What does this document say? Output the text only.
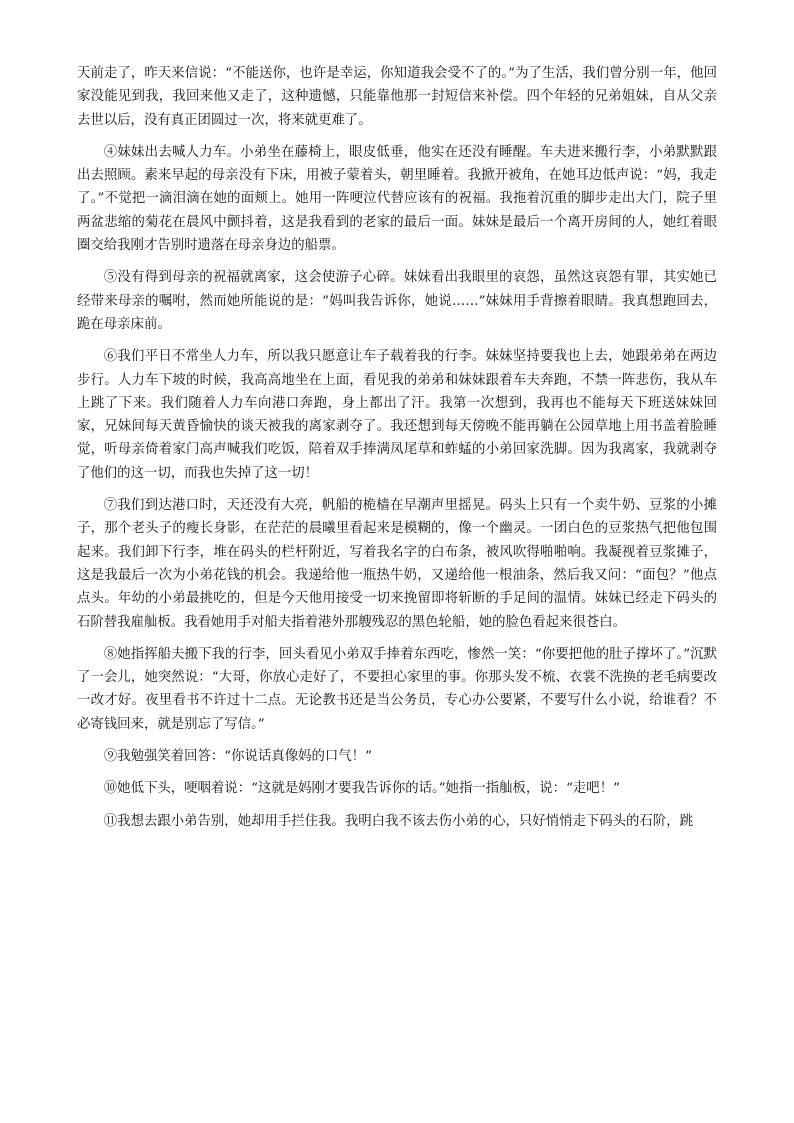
天前走了，昨天来信说：“不能送你，也许是幸运，你知道我会受不了的。”为了生活，我们曾分别一年，他回家没能见到我，我回来他又走了，这种遗憾，只能靠他那一封短信来补偿。四个年轻的兄弟姐妹，自从父亲去世以后，没有真正团圆过一次，将来就更难了。

④妹妹出去喊人力车。小弟坐在藤椅上，眼皮低垂，他实在还没有睡醒。车夫进来搬行李，小弟默默跟出去照顾。素来早起的母亲没有下床，用被子蒙着头，朝里睡着。我掀开被角，在她耳边低声说：“妈，我走了。”不觉把一滴泪滴在她的面颊上。她用一阵哽泣代替应该有的祝福。我拖着沉重的脚步走出大门，院子里两盆悲缩的菊花在晨风中颤抖着，这是我看到的老家的最后一面。妹妹是最后一个离开房间的人，她红着眼圈交给我刚才告别时遗落在母亲身边的船票。

⑤没有得到母亲的祝福就离家，这会使游子心碎。妹妹看出我眼里的哀怨，虽然这哀怨有罪，其实她已经带来母亲的嘱咐，然而她所能说的是：“妈叫我告诉你，她说……”妹妹用手背擦着眼睛。我真想跑回去，跪在母亲床前。

⑥我们平日不常坐人力车，所以我只愿意让车子载着我的行李。妹妹坚持要我也上去，她跟弟弟在两边步行。人力车下坡的时候，我高高地坐在上面，看见我的弟弟和妹妹跟着车夫奔跑，不禁一阵悲伤，我从车上跳了下来。我们随着人力车向港口奔跑，身上都出了汗。我第一次想到，我再也不能每天下班送妹妹回家，兄妹间每天黄昏愉快的谈天被我的离家剥夺了。我还想到每天傍晚不能再躺在公园草地上用书盖着脸睡觉，听母亲倚着家门高声喊我们吃饭，陪着双手捧满凤尾草和蚱蜢的小弟回家洗脚。因为我离家，我就剥夺了他们的这一切，而我也失掉了这一切！

⑦我们到达港口时，天还没有大亮，帆船的桅樯在早潮声里摇晃。码头上只有一个卖牛奶、豆浆的小摊子，那个老头子的瘦长身影，在茫茫的晨曦里看起来是模糊的，像一个幽灵。一团白色的豆浆热气把他包围起来。我们卸下行李，堆在码头的栏杆附近，写着我名字的白布条，被风吹得啪啪响。我凝视着豆浆摊子，这是我最后一次为小弟花钱的机会。我递给他一瓶热牛奶，又递给他一根油条，然后我又问：“面包？”他点点头。年幼的小弟最挑吃的，但是今天他用接受一切来挽留即将斩断的手足间的温情。妹妹已经走下码头的石阶替我雇舢板。我看她用手对船夫指着港外那艘残忍的黑色轮船，她的脸色看起来很苍白。

⑧她指挥船夫搬下我的行李，回头看见小弟双手捧着东西吃，惨然一笑：“你要把他的肚子撑坏了。”沉默了一会儿，她突然说：“大哥，你放心走好了，不要担心家里的事。你那头发不梳、衣裳不洗换的老毛病要改一改才好。夜里看书不许过十二点。无论教书还是当公务员，专心办公要紧，不要写什么小说，给谁看？不必寄钱回来，就是别忘了写信。”

⑨我勉强笑着回答：“你说话真像妈的口气！”

⑩她低下头，哽咽着说：“这就是妈刚才要我告诉你的话。”她指一指舢板，说：“走吧！”

⑪我想去跟小弟告别，她却用手拦住我。我明白我不该去伤小弟的心，只好悄悄走下码头的石阶，跳
